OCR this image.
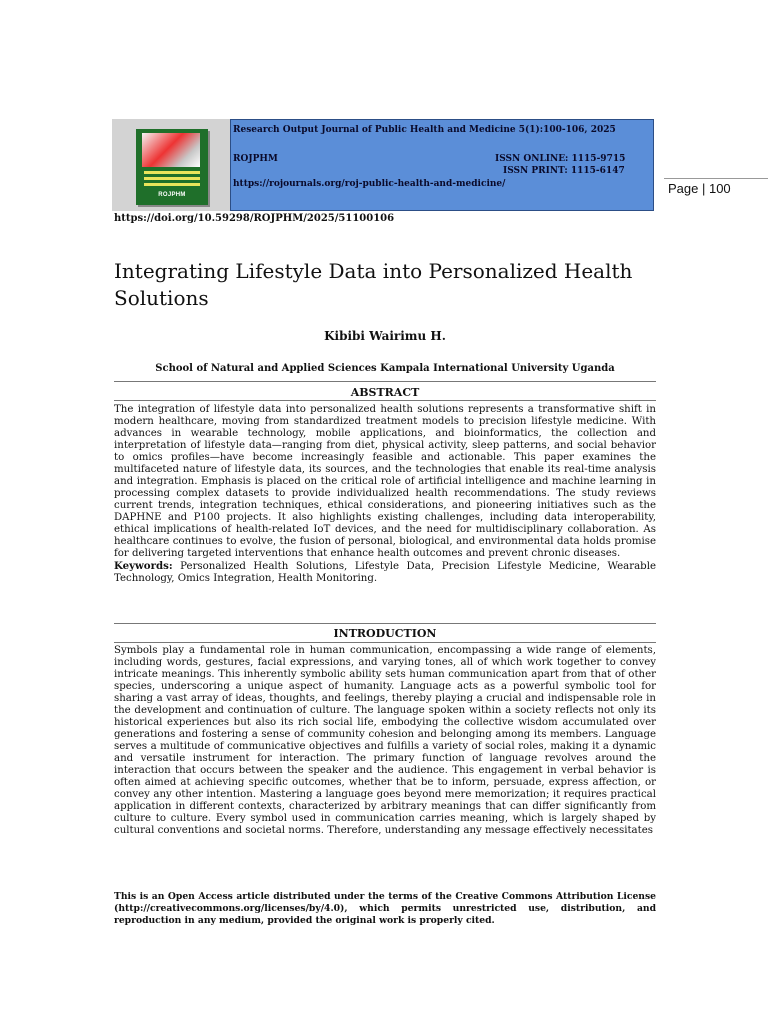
ROJPHM
Research Output Journal of Public Health and Medicine 5(1):100-106, 2025
ROJPHM	ISSN ONLINE: 1115-9715
ISSN PRINT: 1115-6147
https://rojournals.org/roj-public-health-and-medicine/	Page | 100
https://doi.org/10.59298/ROJPHM/2025/51100106
Integrating Lifestyle Data into Personalized Health Solutions
Kibibi Wairimu H.
School of Natural and Applied Sciences Kampala International University Uganda
ABSTRACT

The integration of lifestyle data into personalized health solutions represents a transformative shift in modern healthcare, moving from standardized treatment models to precision lifestyle medicine. With advances in wearable technology, mobile applications, and bioinformatics, the collection and interpretation of lifestyle data—ranging from diet, physical activity, sleep patterns, and social behavior to omics profiles—have become increasingly feasible and actionable. This paper examines the multifaceted nature of lifestyle data, its sources, and the technologies that enable its real-time analysis and integration. Emphasis is placed on the critical role of artificial intelligence and machine learning in processing complex datasets to provide individualized health recommendations. The study reviews current trends, integration techniques, ethical considerations, and pioneering initiatives such as the DAPHNE and P100 projects. It also highlights existing challenges, including data interoperability, ethical implications of health-related IoT devices, and the need for multidisciplinary collaboration. As healthcare continues to evolve, the fusion of personal, biological, and environmental data holds promise for delivering targeted interventions that enhance health outcomes and prevent chronic diseases.

Keywords: Personalized Health Solutions, Lifestyle Data, Precision Lifestyle Medicine, Wearable Technology, Omics Integration, Health Monitoring.

INTRODUCTION

Symbols play a fundamental role in human communication, encompassing a wide range of elements, including words, gestures, facial expressions, and varying tones, all of which work together to convey intricate meanings. This inherently symbolic ability sets human communication apart from that of other species, underscoring a unique aspect of humanity. Language acts as a powerful symbolic tool for sharing a vast array of ideas, thoughts, and feelings, thereby playing a crucial and indispensable role in the development and continuation of culture. The language spoken within a society reflects not only its historical experiences but also its rich social life, embodying the collective wisdom accumulated over generations and fostering a sense of community cohesion and belonging among its members. Language serves a multitude of communicative objectives and fulfills a variety of social roles, making it a dynamic and versatile instrument for interaction. The primary function of language revolves around the interaction that occurs between the speaker and the audience. This engagement in verbal behavior is often aimed at achieving specific outcomes, whether that be to inform, persuade, express affection, or convey any other intention. Mastering a language goes beyond mere memorization; it requires practical application in different contexts, characterized by arbitrary meanings that can differ significantly from culture to culture. Every symbol used in communication carries meaning, which is largely shaped by cultural conventions and societal norms. Therefore, understanding any message effectively necessitates

This is an Open Access article distributed under the terms of the Creative Commons Attribution License (http://creativecommons.org/licenses/by/4.0), which permits unrestricted use, distribution, and reproduction in any medium, provided the original work is properly cited.
